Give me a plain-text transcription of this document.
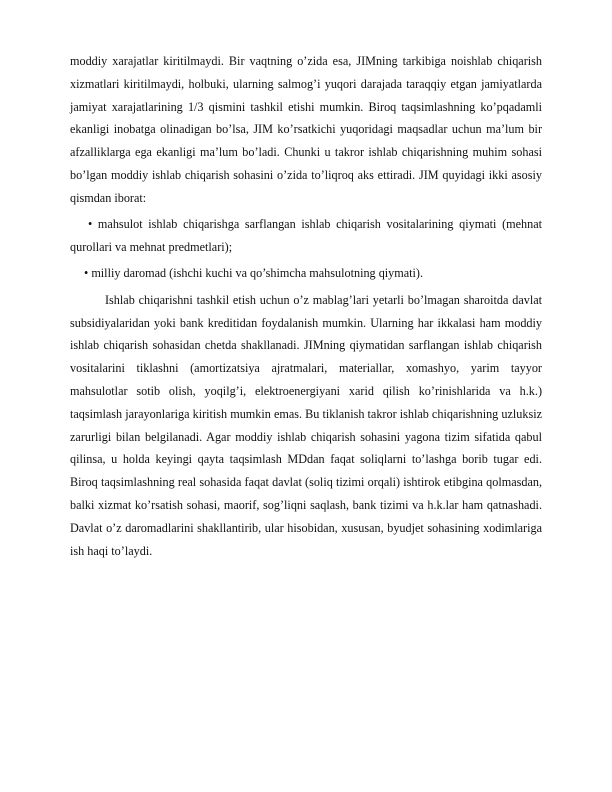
moddiy xarajatlar kiritilmaydi. Bir vaqtning o’zida esa, JIMning tarkibiga noishlab chiqarish xizmatlari kiritilmaydi, holbuki, ularning salmog’i yuqori darajada taraqqiy etgan jamiyatlarda jamiyat xarajatlarining 1/3 qismini tashkil etishi mumkin. Biroq taqsimlashning ko’pqadamli ekanligi inobatga olinadigan bo’lsa, JIM ko’rsatkichi yuqoridagi maqsadlar uchun ma’lum bir afzalliklarga ega ekanligi ma’lum bo’ladi. Chunki u takror ishlab chiqarishning muhim sohasi bo’lgan moddiy ishlab chiqarish sohasini o’zida to’liqroq aks ettiradi. JIM quyidagi ikki asosiy qismdan iborat:

• mahsulot ishlab chiqarishga sarflangan ishlab chiqarish vositalarining qiymati (mehnat qurollari va mehnat predmetlari);

• milliy daromad (ishchi kuchi va qo’shimcha mahsulotning qiymati).

Ishlab chiqarishni tashkil etish uchun o’z mablag’lari yetarli bo’lmagan sharoitda davlat subsidiyalaridan yoki bank kreditidan foydalanish mumkin. Ularning har ikkalasi ham moddiy ishlab chiqarish sohasidan chetda shakllanadi. JIMning qiymatidan sarflangan ishlab chiqarish vositalarini tiklashni (amortizatsiya ajratmalari, materiallar, xomashyo, yarim tayyor mahsulotlar sotib olish, yoqilg’i, elektroenergiyani xarid qilish ko’rinishlarida va h.k.) taqsimlash jarayonlariga kiritish mumkin emas. Bu tiklanish takror ishlab chiqarishning uzluksiz zarurligi bilan belgilanadi. Agar moddiy ishlab chiqarish sohasini yagona tizim sifatida qabul qilinsa, u holda keyingi qayta taqsimlash MDdan faqat soliqlarni to’lashga borib tugar edi. Biroq taqsimlashning real sohasida faqat davlat (soliq tizimi orqali) ishtirok etibgina qolmasdan, balki xizmat ko’rsatish sohasi, maorif, sog’liqni saqlash, bank tizimi va h.k.lar ham qatnashadi. Davlat o’z daromadlarini shakllantirib, ular hisobidan, xususan, byudjet sohasining xodimlariga ish haqi to’laydi.
